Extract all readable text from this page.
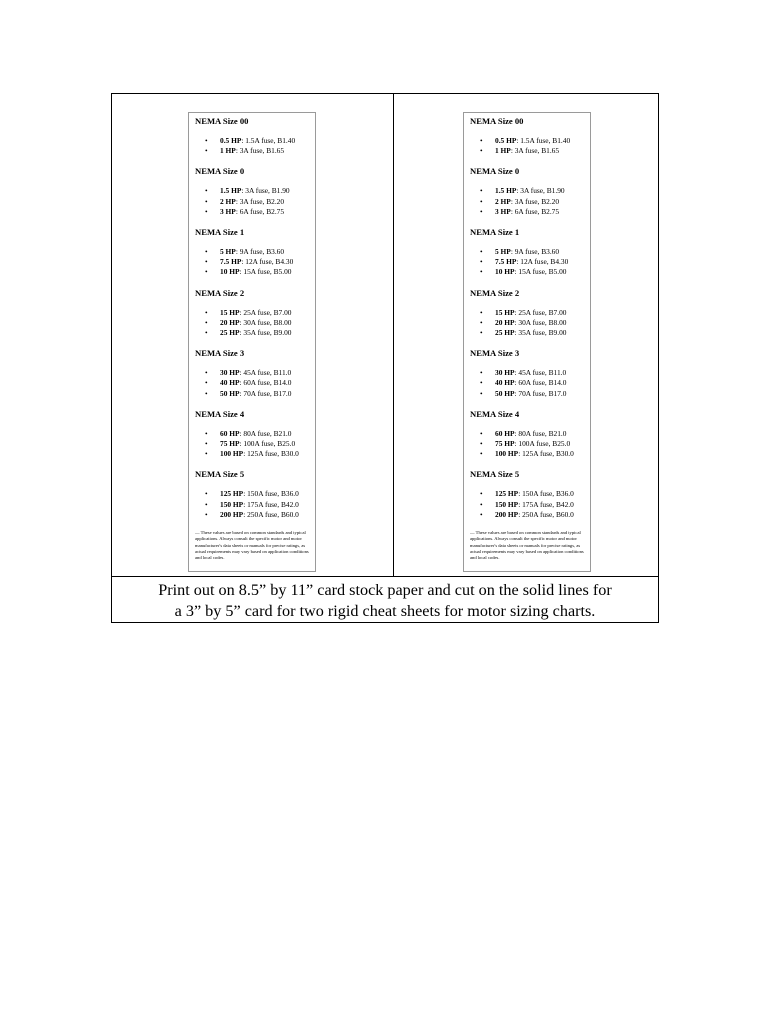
NEMA Size 00
• 0.5 HP: 1.5A fuse, B1.40
• 1 HP: 3A fuse, B1.65
NEMA Size 0
• 1.5 HP: 3A fuse, B1.90
• 2 HP: 3A fuse, B2.20
• 3 HP: 6A fuse, B2.75
NEMA Size 1
• 5 HP: 9A fuse, B3.60
• 7.5 HP: 12A fuse, B4.30
• 10 HP: 15A fuse, B5.00
NEMA Size 2
• 15 HP: 25A fuse, B7.00
• 20 HP: 30A fuse, B8.00
• 25 HP: 35A fuse, B9.00
NEMA Size 3
• 30 HP: 45A fuse, B11.0
• 40 HP: 60A fuse, B14.0
• 50 HP: 70A fuse, B17.0
NEMA Size 4
• 60 HP: 80A fuse, B21.0
• 75 HP: 100A fuse, B25.0
• 100 HP: 125A fuse, B30.0
NEMA Size 5
• 125 HP: 150A fuse, B36.0
• 150 HP: 175A fuse, B42.0
• 200 HP: 250A fuse, B60.0
— These values are based on common standards and typical applications. Always consult the specific motor and motor manufacturer's data sheets or manuals for precise ratings, as actual requirements may vary based on application conditions and local codes.
NEMA Size 00
• 0.5 HP: 1.5A fuse, B1.40
• 1 HP: 3A fuse, B1.65
NEMA Size 0
• 1.5 HP: 3A fuse, B1.90
• 2 HP: 3A fuse, B2.20
• 3 HP: 6A fuse, B2.75
NEMA Size 1
• 5 HP: 9A fuse, B3.60
• 7.5 HP: 12A fuse, B4.30
• 10 HP: 15A fuse, B5.00
NEMA Size 2
• 15 HP: 25A fuse, B7.00
• 20 HP: 30A fuse, B8.00
• 25 HP: 35A fuse, B9.00
NEMA Size 3
• 30 HP: 45A fuse, B11.0
• 40 HP: 60A fuse, B14.0
• 50 HP: 70A fuse, B17.0
NEMA Size 4
• 60 HP: 80A fuse, B21.0
• 75 HP: 100A fuse, B25.0
• 100 HP: 125A fuse, B30.0
NEMA Size 5
• 125 HP: 150A fuse, B36.0
• 150 HP: 175A fuse, B42.0
• 200 HP: 250A fuse, B60.0
— These values are based on common standards and typical applications. Always consult the specific motor and motor manufacturer's data sheets or manuals for precise ratings, as actual requirements may vary based on application conditions and local codes.
Print out on 8.5” by 11” card stock paper and cut on the solid lines for
a 3” by 5” card for two rigid cheat sheets for motor sizing charts.
